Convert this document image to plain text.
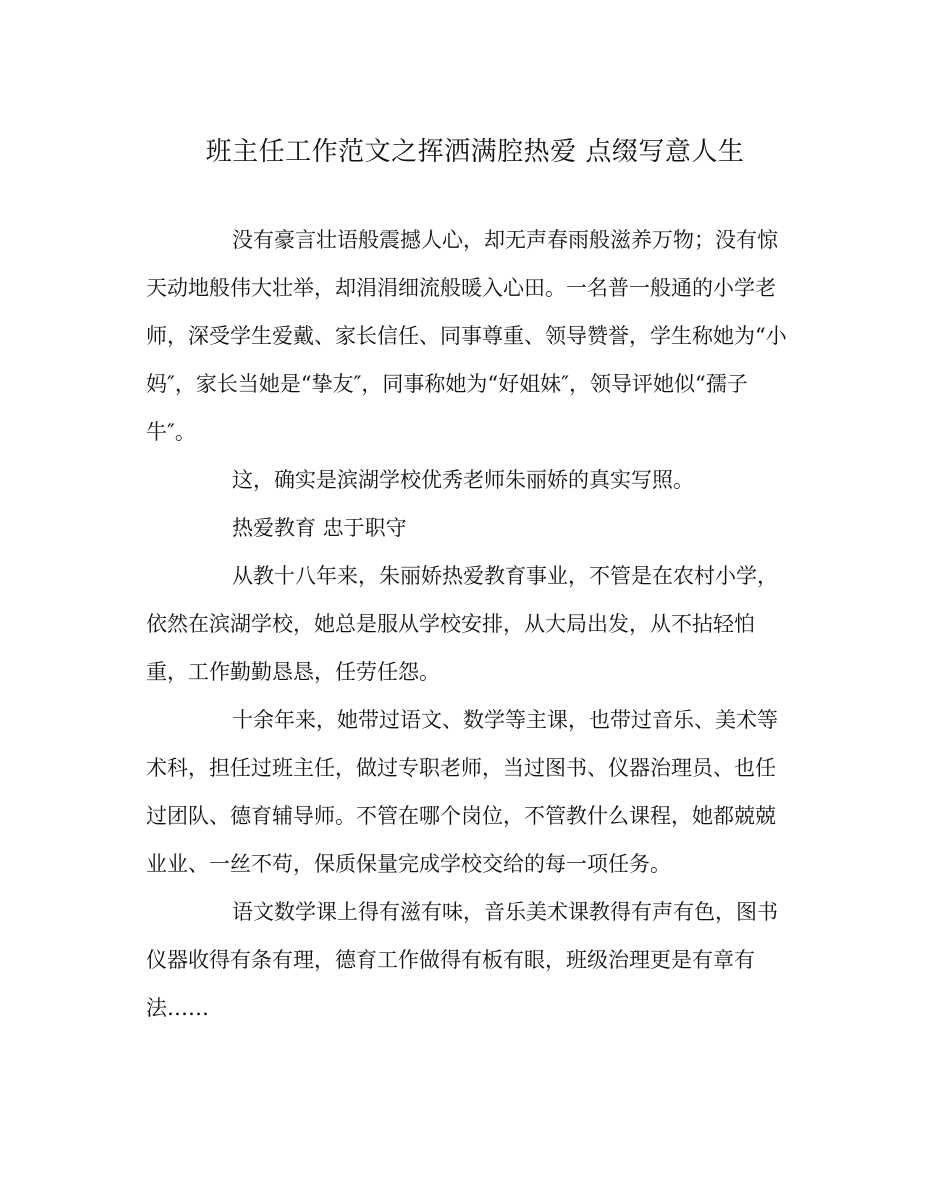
班主任工作范文之挥洒满腔热爱 点缀写意人生

没有豪言壮语般震撼人心，却无声春雨般滋养万物；没有惊
天动地般伟大壮举，却涓涓细流般暖入心田。一名普一般通的小学老
师，深受学生爱戴、家长信任、同事尊重、领导赞誉，学生称她为“小
妈″，家长当她是“挚友″，同事称她为“好姐妹″，领导评她似“孺子
牛″。

这，确实是滨湖学校优秀老师朱丽娇的真实写照。

热爱教育 忠于职守

从教十八年来，朱丽娇热爱教育事业，不管是在农村小学，
依然在滨湖学校，她总是服从学校安排，从大局出发，从不拈轻怕
重，工作勤勤恳恳，任劳任怨。

十余年来，她带过语文、数学等主课，也带过音乐、美术等
术科，担任过班主任，做过专职老师，当过图书、仪器治理员、也任
过团队、德育辅导师。不管在哪个岗位，不管教什么课程，她都兢兢
业业、一丝不苟，保质保量完成学校交给的每一项任务。

语文数学课上得有滋有味，音乐美术课教得有声有色，图书
仪器收得有条有理，德育工作做得有板有眼，班级治理更是有章有
法……
